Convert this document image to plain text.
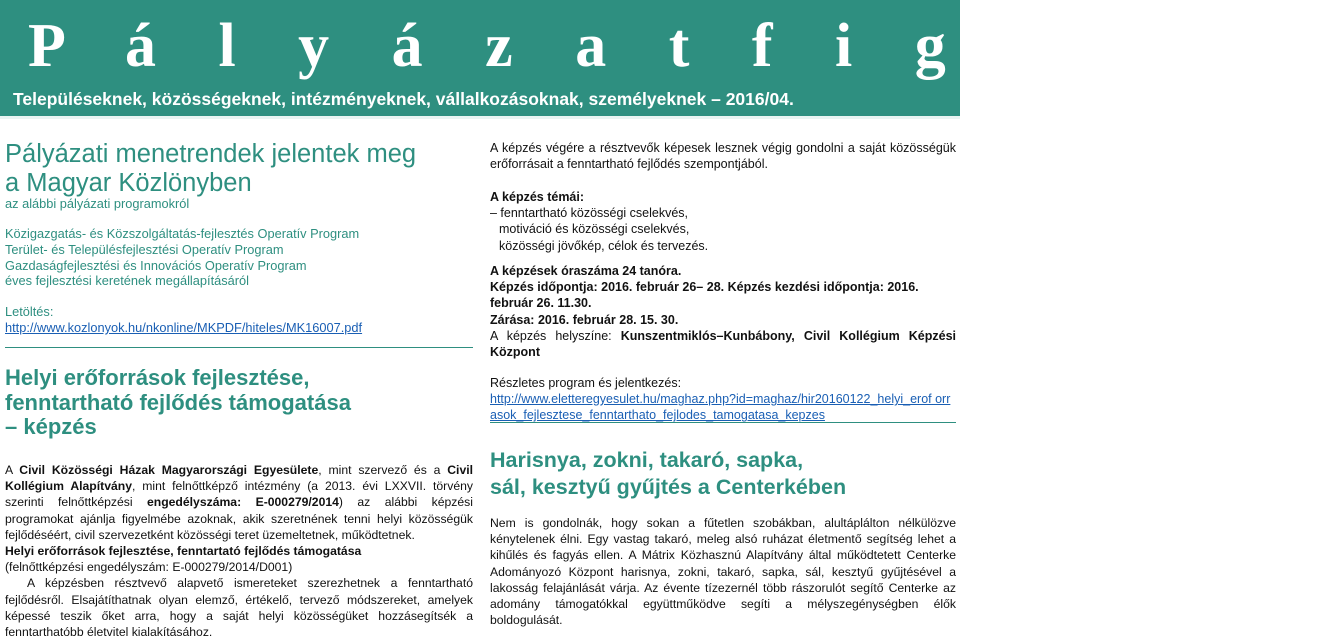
P á l y á z a t f i g y e l ő
Településeknek, közösségeknek, intézményeknek, vállalkozásoknak, személyeknek – 2016/04.
Pályázati menetrendek jelentek meg
a Magyar Közlönyben
az alábbi pályázati programokról
Közigazgatás- és Közszolgáltatás-fejlesztés Operatív Program
Terület- és Településfejlesztési Operatív Program
Gazdaságfejlesztési és Innovációs Operatív Program
éves fejlesztési keretének megállapításáról
Letöltés:
http://www.kozlonyok.hu/nkonline/MKPDF/hiteles/MK16007.pdf
Helyi erőforrások fejlesztése,
fenntartható fejlődés támogatása
– képzés

A Civil Közösségi Házak Magyarországi Egyesülete, mint szervező és a Civil Kollégium Alapítvány, mint felnőttképző intézmény (a 2013. évi LXXVII. törvény szerinti felnőttképzési engedélyszáma: E-000279/2014) az alábbi képzési programokat ajánlja figyelmébe azoknak, akik szeretnének tenni helyi közösségük fejlődéséért, civil szervezetként közösségi teret üzemeltetnek, működtetnek.

Helyi erőforrások fejlesztése, fenntartató fejlődés támogatása
(felnőttképzési engedélyszám: E-000279/2014/D001)

A képzésben résztvevő alapvető ismereteket szerezhetnek a fenntartható fejlődésről. Elsajátíthatnak olyan elemző, értékelő, tervező módszereket, amelyek képessé teszik őket arra, hogy a saját helyi közösségüket hozzásegítsék a fenntarthatóbb életvitel kialakításához.

A képzés végére a résztvevők képesek lesznek végig gondolni a saját közösségük erőforrásait a fenntartható fejlődés szempontjából.
A képzés témái:
– fenntartható közösségi cselekvés,
motiváció és közösségi cselekvés,
közösségi jövőkép, célok és tervezés.
A képzések óraszáma 24 tanóra.
Képzés időpontja: 2016. február 26– 28. Képzés kezdési időpontja: 2016. február 26. 11.30.
Zárása: 2016. február 28. 15. 30.
A képzés helyszíne: Kunszentmiklós–Kunbábony, Civil Kollégium Képzési Központ
Részletes program és jelentkezés:
http://www.eletteregyesulet.hu/maghaz.php?id=maghaz/hir20160122_helyi_erof orrasok_fejlesztese_fenntarthato_fejlodes_tamogatasa_kepzes
Harisnya, zokni, takaró, sapka,
sál, kesztyű gyűjtés a Centerkében
Nem is gondolnák, hogy sokan a fűtetlen szobákban, alultáplálton nélkülözve kénytelenek élni. Egy vastag takaró, meleg alsó ruházat életmentő segítség lehet a kihűlés és fagyás ellen. A Mátrix Közhasznú Alapítvány által működtetett Centerke Adományozó Központ harisnya, zokni, takaró, sapka, sál, kesztyű gyűjtésével a lakosság felajánlását várja. Az évente tízezernél több rászorulót segítő Centerke az adomány támogatókkal együttműködve segíti a mélyszegénységben élők boldogulását.
